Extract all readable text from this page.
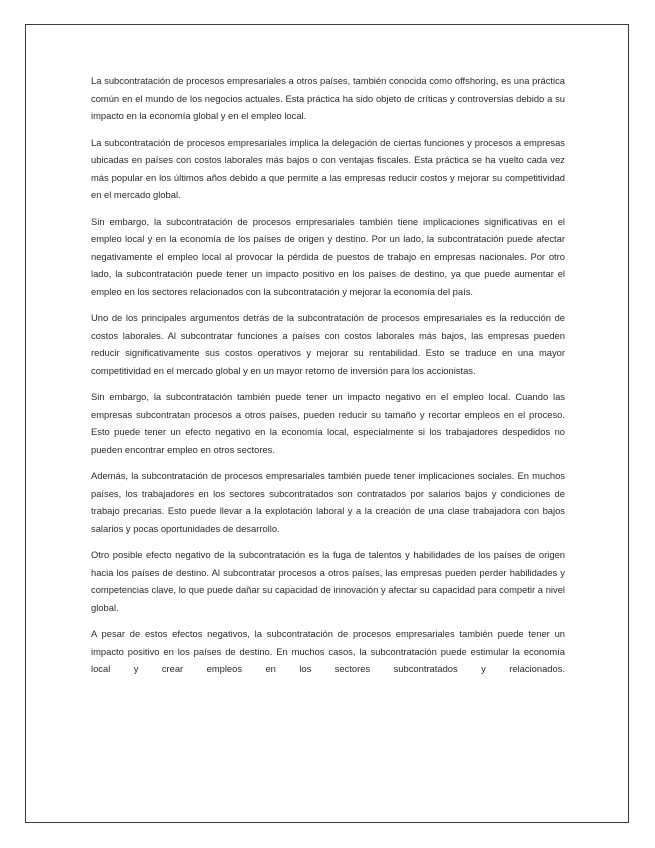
La subcontratación de procesos empresariales a otros países, también conocida como offshoring, es una práctica común en el mundo de los negocios actuales. Esta práctica ha sido objeto de críticas y controversias debido a su impacto en la economía global y en el empleo local.

La subcontratación de procesos empresariales implica la delegación de ciertas funciones y procesos a empresas ubicadas en países con costos laborales más bajos o con ventajas fiscales. Esta práctica se ha vuelto cada vez más popular en los últimos años debido a que permite a las empresas reducir costos y mejorar su competitividad en el mercado global.

Sin embargo, la subcontratación de procesos empresariales también tiene implicaciones significativas en el empleo local y en la economía de los países de origen y destino. Por un lado, la subcontratación puede afectar negativamente el empleo local al provocar la pérdida de puestos de trabajo en empresas nacionales. Por otro lado, la subcontratación puede tener un impacto positivo en los países de destino, ya que puede aumentar el empleo en los sectores relacionados con la subcontratación y mejorar la economía del país.

Uno de los principales argumentos detrás de la subcontratación de procesos empresariales es la reducción de costos laborales. Al subcontratar funciones a países con costos laborales más bajos, las empresas pueden reducir significativamente sus costos operativos y mejorar su rentabilidad. Esto se traduce en una mayor competitividad en el mercado global y en un mayor retorno de inversión para los accionistas.

Sin embargo, la subcontratación también puede tener un impacto negativo en el empleo local. Cuando las empresas subcontratan procesos a otros países, pueden reducir su tamaño y recortar empleos en el proceso. Esto puede tener un efecto negativo en la economía local, especialmente si los trabajadores despedidos no pueden encontrar empleo en otros sectores.

Además, la subcontratación de procesos empresariales también puede tener implicaciones sociales. En muchos países, los trabajadores en los sectores subcontratados son contratados por salarios bajos y condiciones de trabajo precarias. Esto puede llevar a la explotación laboral y a la creación de una clase trabajadora con bajos salarios y pocas oportunidades de desarrollo.

Otro posible efecto negativo de la subcontratación es la fuga de talentos y habilidades de los países de origen hacia los países de destino. Al subcontratar procesos a otros países, las empresas pueden perder habilidades y competencias clave, lo que puede dañar su capacidad de innovación y afectar su capacidad para competir a nivel global.

A pesar de estos efectos negativos, la subcontratación de procesos empresariales también puede tener un impacto positivo en los países de destino. En muchos casos, la subcontratación puede estimular la economía local y crear empleos en los sectores subcontratados y relacionados.
